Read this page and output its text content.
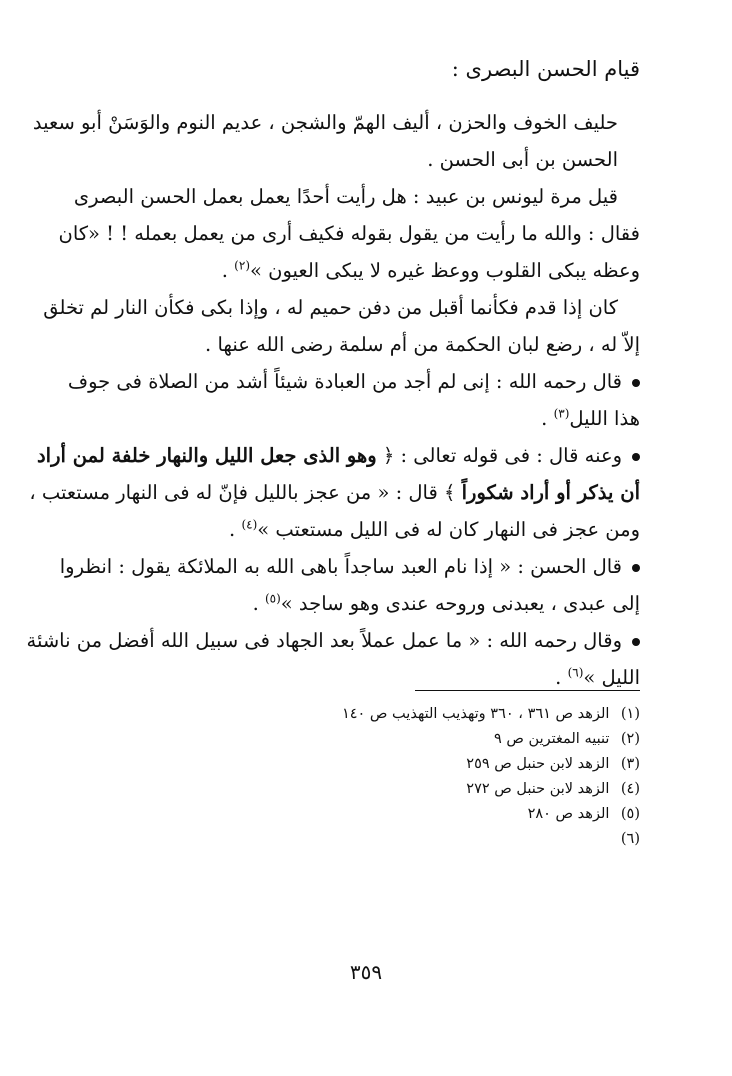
قيام الحسن البصرى :

حليف الخوف والحزن ، أليف الهمّ والشجن ، عديم النوم والوَسَنْ أبو سعيد
الحسن بن أبى الحسن .

قيل مرة ليونس بن عبيد : هل رأيت أحدًا يعمل بعمل الحسن البصرى
فقال : والله ما رأيت من يقول بقوله فكيف أرى من يعمل بعمله ! ! «كان
وعظه يبكى القلوب ووعظ غيره لا يبكى العيون »$^{(٢)}$ .

كان إذا قدم فكأنما أقبل من دفن حميم له ، وإذا بكى فكأن النار لم تخلق
إلاّ له ، رضع لبان الحكمة من أم سلمة رضى الله عنها .

قال رحمه الله : إنى لم أجد من العبادة شيئاً أشد من الصلاة فى جوف
هذا الليل$^{(٣)}$ .

وعنه قال : فى قوله تعالى : ﴿ وهو الذى جعل الليل والنهار خلفة لمن أراد
أن يذكر أو أراد شكوراً ﴾ قال : « من عجز بالليل فإنّ له فى النهار مستعتب ،
ومن عجز فى النهار كان له فى الليل مستعتب »$^{(٤)}$ .

قال الحسن : « إذا نام العبد ساجداً باهى الله به الملائكة يقول : انظروا
إلى عبدى ، يعبدنى وروحه عندى وهو ساجد »$^{(٥)}$ .

وقال رحمه الله : « ما عمل عملاً بعد الجهاد فى سبيل الله أفضل من ناشئة
الليل »$^{(٦)}$ .

(١) الزهد ص ٣٦١ ، ٣٦٠ وتهذيب التهذيب ص ١٤٠
(٢) تنبيه المغترين ص ٩
(٣) الزهد لابن حنبل ص ٢٥٩
(٤) الزهد لابن حنبل ص ٢٧٢
(٥) الزهد ص ٢٨٠
(٦)
٣٥٩
